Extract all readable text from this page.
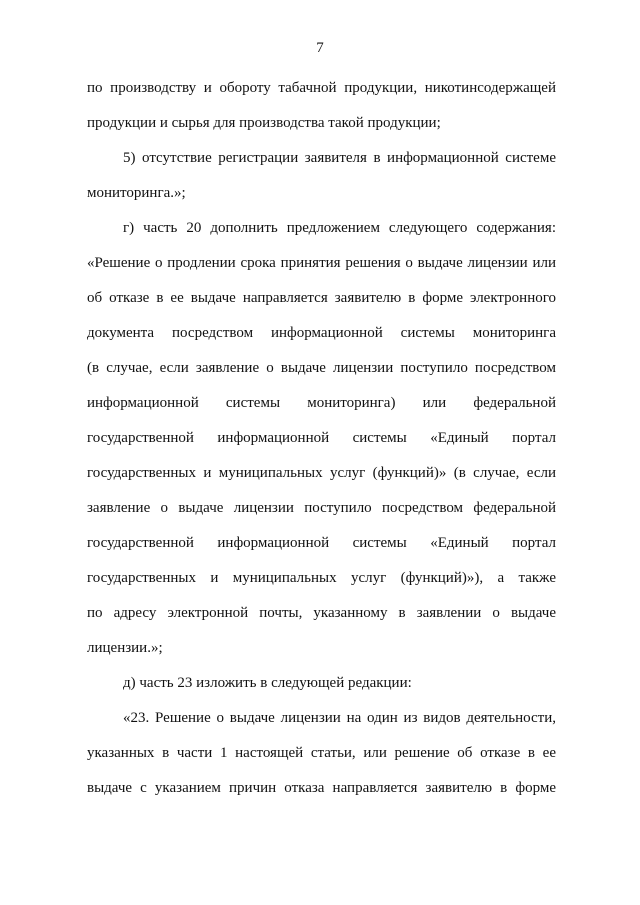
7
по производству и обороту табачной продукции, никотинсодержащей
продукции и сырья для производства такой продукции;
5) отсутствие регистрации заявителя в информационной системе
мониторинга.»;
г) часть 20 дополнить предложением следующего содержания:
«Решение о продлении срока принятия решения о выдаче лицензии или
об отказе в ее выдаче направляется заявителю в форме электронного
документа посредством информационной системы мониторинга
(в случае, если заявление о выдаче лицензии поступило посредством
информационной системы мониторинга) или федеральной
государственной информационной системы «Единый портал
государственных и муниципальных услуг (функций)» (в случае, если
заявление о выдаче лицензии поступило посредством федеральной
государственной информационной системы «Единый портал
государственных и муниципальных услуг (функций)»), а также
по адресу электронной почты, указанному в заявлении о выдаче
лицензии.»;
д) часть 23 изложить в следующей редакции:
«23. Решение о выдаче лицензии на один из видов деятельности,
указанных в части 1 настоящей статьи, или решение об отказе в ее
выдаче с указанием причин отказа направляется заявителю в форме
